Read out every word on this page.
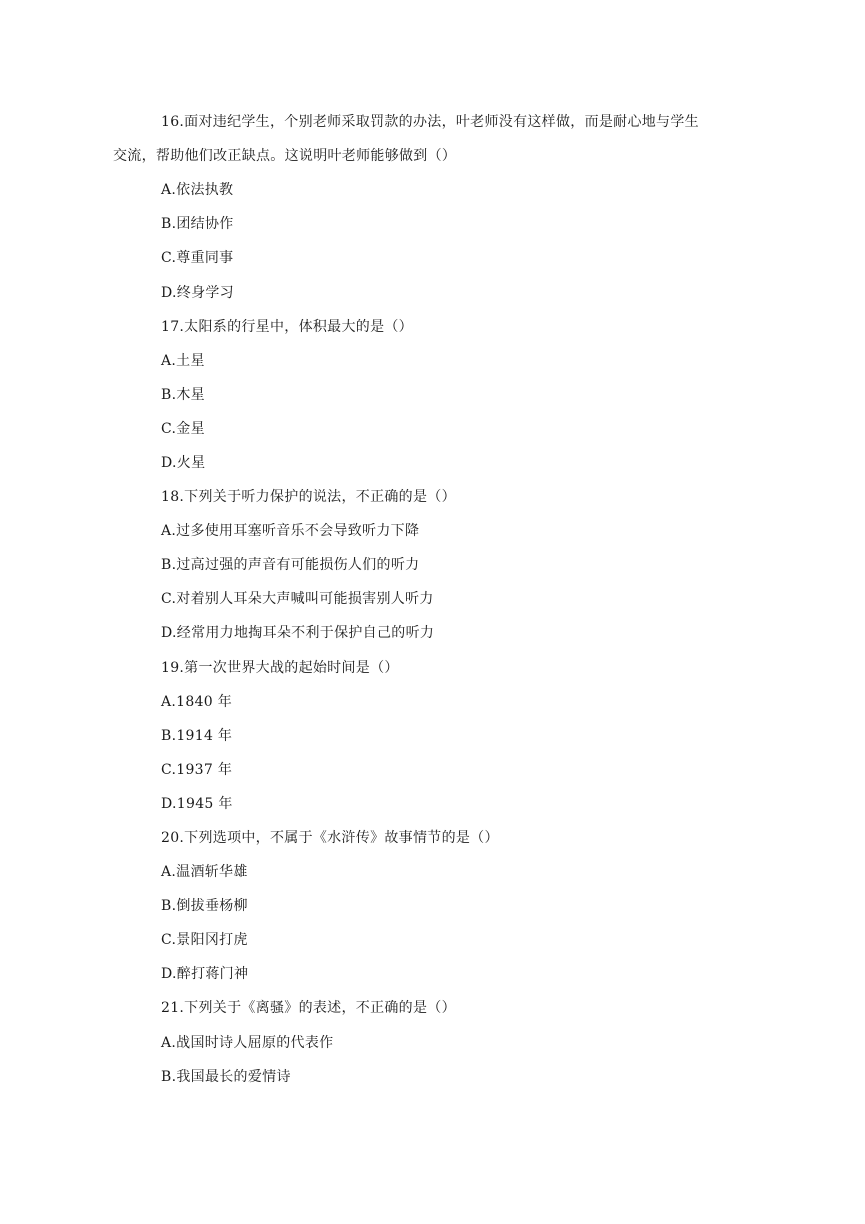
16.面对违纪学生，个别老师采取罚款的办法，叶老师没有这样做，而是耐心地与学生
交流，帮助他们改正缺点。这说明叶老师能够做到（）
A.依法执教
B.团结协作
C.尊重同事
D.终身学习
17.太阳系的行星中，体积最大的是（）
A.土星
B.木星
C.金星
D.火星
18.下列关于听力保护的说法，不正确的是（）
A.过多使用耳塞听音乐不会导致听力下降
B.过高过强的声音有可能损伤人们的听力
C.对着别人耳朵大声喊叫可能损害别人听力
D.经常用力地掏耳朵不利于保护自己的听力
19.第一次世界大战的起始时间是（）
A.1840 年
B.1914 年
C.1937 年
D.1945 年
20.下列选项中，不属于《水浒传》故事情节的是（）
A.温酒斩华雄
B.倒拔垂杨柳
C.景阳冈打虎
D.醉打蒋门神
21.下列关于《离骚》的表述，不正确的是（）
A.战国时诗人屈原的代表作
B.我国最长的爱情诗
